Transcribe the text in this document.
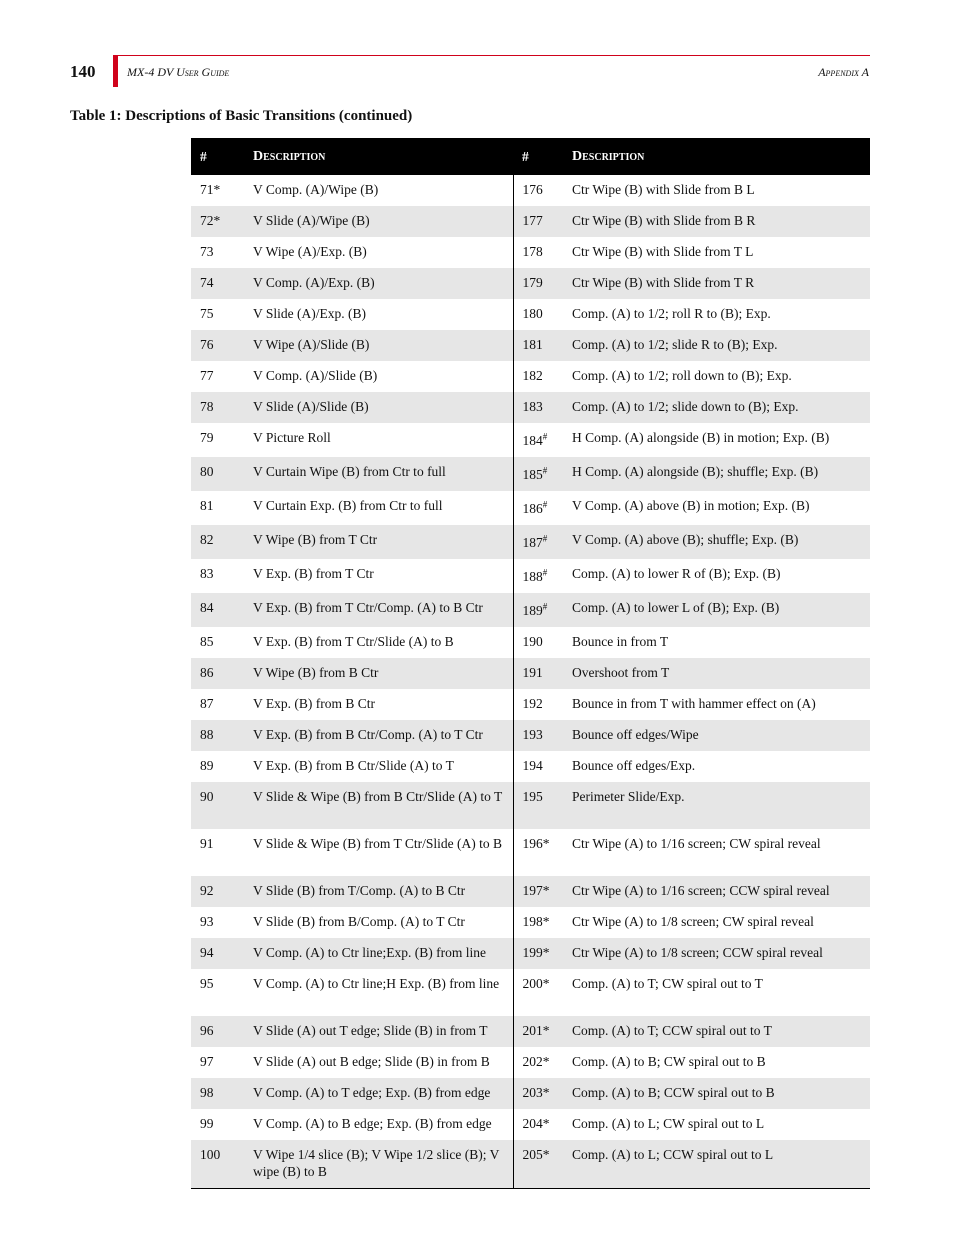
140	MX-4 DV User Guide	Appendix A
Table 1: Descriptions of Basic Transitions (continued)
#	Description	#	Description
71*	V Comp. (A)/Wipe (B)	176	Ctr Wipe (B) with Slide from B L
72*	V Slide (A)/Wipe (B)	177	Ctr Wipe (B) with Slide from B R
73	V Wipe (A)/Exp. (B)	178	Ctr Wipe (B) with Slide from T L
74	V Comp. (A)/Exp. (B)	179	Ctr Wipe (B) with Slide from T R
75	V Slide (A)/Exp. (B)	180	Comp. (A) to 1/2; roll R to (B); Exp.
76	V Wipe (A)/Slide (B)	181	Comp. (A) to 1/2; slide R to (B); Exp.
77	V Comp. (A)/Slide (B)	182	Comp. (A) to 1/2; roll down to (B); Exp.
78	V Slide (A)/Slide (B)	183	Comp. (A) to 1/2; slide down to (B); Exp.
79	V Picture Roll	184#	H Comp. (A) alongside (B) in motion; Exp. (B)
80	V Curtain Wipe (B) from Ctr to full	185#	H Comp. (A) alongside (B); shuffle; Exp. (B)
81	V Curtain Exp. (B) from Ctr to full	186#	V Comp. (A) above (B) in motion; Exp. (B)
82	V Wipe (B) from T Ctr	187#	V Comp. (A) above (B); shuffle; Exp. (B)
83	V Exp. (B) from T Ctr	188#	Comp. (A) to lower R of (B); Exp. (B)
84	V Exp. (B) from T Ctr/Comp. (A) to B Ctr	189#	Comp. (A) to lower L of (B); Exp. (B)
85	V Exp. (B) from T Ctr/Slide (A) to B	190	Bounce in from T
86	V Wipe (B) from B Ctr	191	Overshoot from T
87	V Exp. (B) from B Ctr	192	Bounce in from T with hammer effect on (A)
88	V Exp. (B) from B Ctr/Comp. (A) to T Ctr	193	Bounce off edges/Wipe
89	V Exp. (B) from B Ctr/Slide (A) to T	194	Bounce off edges/Exp.
90	V Slide & Wipe (B) from B Ctr/Slide (A) to T	195	Perimeter Slide/Exp.
91	V Slide & Wipe (B) from T Ctr/Slide (A) to B	196*	Ctr Wipe (A) to 1/16 screen; CW spiral reveal
92	V Slide (B) from T/Comp. (A) to B Ctr	197*	Ctr Wipe (A) to 1/16 screen; CCW spiral reveal
93	V Slide (B) from B/Comp. (A) to T Ctr	198*	Ctr Wipe (A) to 1/8 screen; CW spiral reveal
94	V Comp. (A) to Ctr line;Exp. (B) from line	199*	Ctr Wipe (A) to 1/8 screen; CCW spiral reveal
95	V Comp. (A) to Ctr line;H Exp. (B) from line	200*	Comp. (A) to T; CW spiral out to T
96	V Slide (A) out T edge; Slide (B) in from T	201*	Comp. (A) to T; CCW spiral out to T
97	V Slide (A) out B edge; Slide (B) in from B	202*	Comp. (A) to B; CW spiral out to B
98	V Comp. (A) to T edge; Exp. (B) from edge	203*	Comp. (A) to B; CCW spiral out to B
99	V Comp. (A) to B edge; Exp. (B) from edge	204*	Comp. (A) to L; CW spiral out to L
100	V Wipe 1/4 slice (B); V Wipe 1/2 slice (B); V wipe (B) to B	205*	Comp. (A) to L; CCW spiral out to L
